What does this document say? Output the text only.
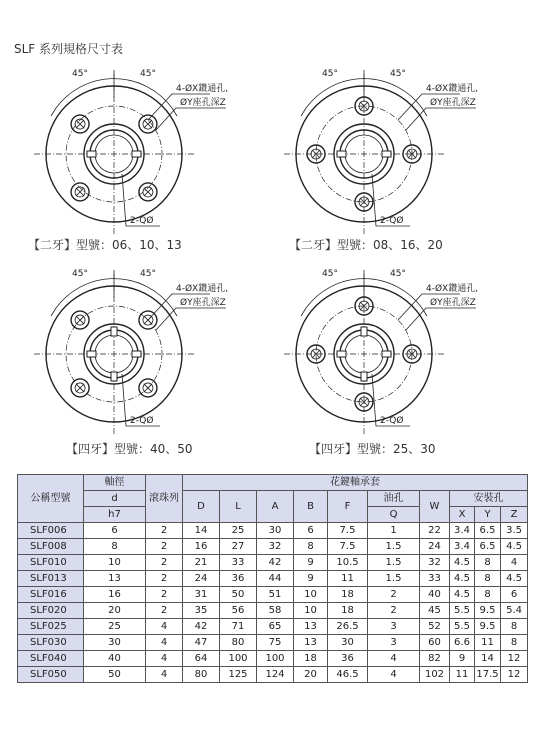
SLF 系列規格尺寸表
45°	45°
4-ØX鑽通孔,
ØY座孔深Z
2-QØ
【二牙】型號：06、10、13
45°	45°
4-ØX鑽通孔,
ØY座孔深Z
2-QØ
【二牙】型號：08、16、20
45°	45°
4-ØX鑽通孔,
ØY座孔深Z
2-QØ
【四牙】型號：40、50
45°	45°
4-ØX鑽通孔,
ØY座孔深Z
2-QØ
【四牙】型號：25、30
公稱型號	軸徑	滾珠列	花鍵軸承套									
	d		D	L	A	B	F	油孔	W	安裝孔		
	h7							Q		X	Y	Z
SLF006	6	2	14	25	30	6	7.5	1	22	3.4	6.5	3.5
SLF008	8	2	16	27	32	8	7.5	1.5	24	3.4	6.5	4.5
SLF010	10	2	21	33	42	9	10.5	1.5	32	4.5	8	4
SLF013	13	2	24	36	44	9	11	1.5	33	4.5	8	4.5
SLF016	16	2	31	50	51	10	18	2	40	4.5	8	6
SLF020	20	2	35	56	58	10	18	2	45	5.5	9.5	5.4
SLF025	25	4	42	71	65	13	26.5	3	52	5.5	9.5	8
SLF030	30	4	47	80	75	13	30	3	60	6.6	11	8
SLF040	40	4	64	100	100	18	36	4	82	9	14	12
SLF050	50	4	80	125	124	20	46.5	4	102	11	17.5	12
